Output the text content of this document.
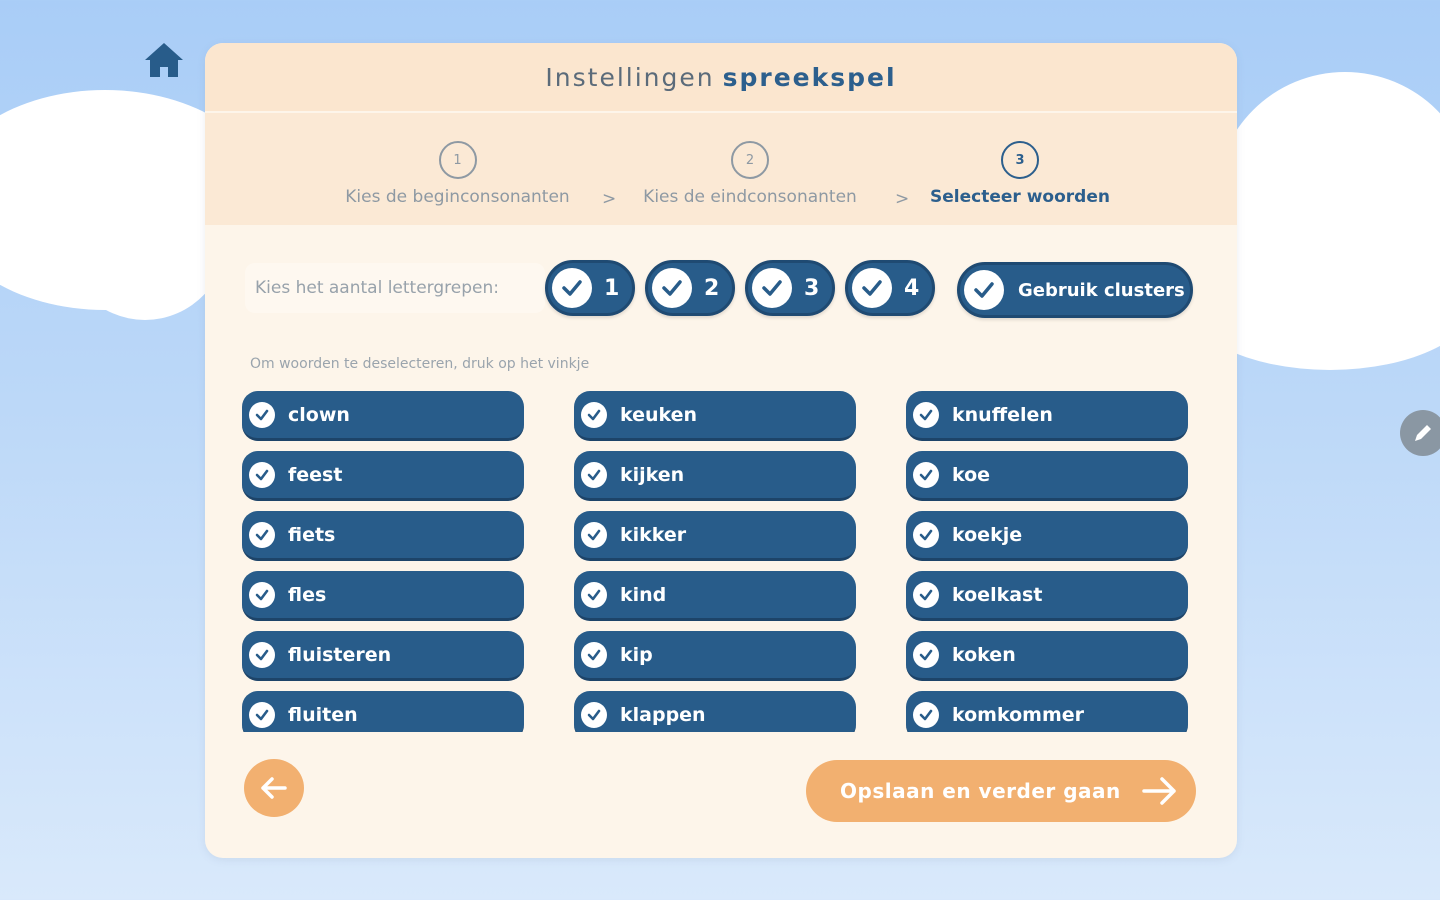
Instellingen spreekspel
1
Kies de beginconsonanten	>
2
Kies de eindconsonanten	>
3
Selecteer woorden
Kies het aantal lettergrepen:	1	2	3	4	Gebruik clusters
Om woorden te deselecteren, druk op het vinkje
clown
feest
fiets
fles
fluisteren
fluiten
keuken
kijken
kikker
kind
kip
klappen
knuffelen
koe
koekje
koelkast
koken
komkommer
Opslaan en verder gaan
